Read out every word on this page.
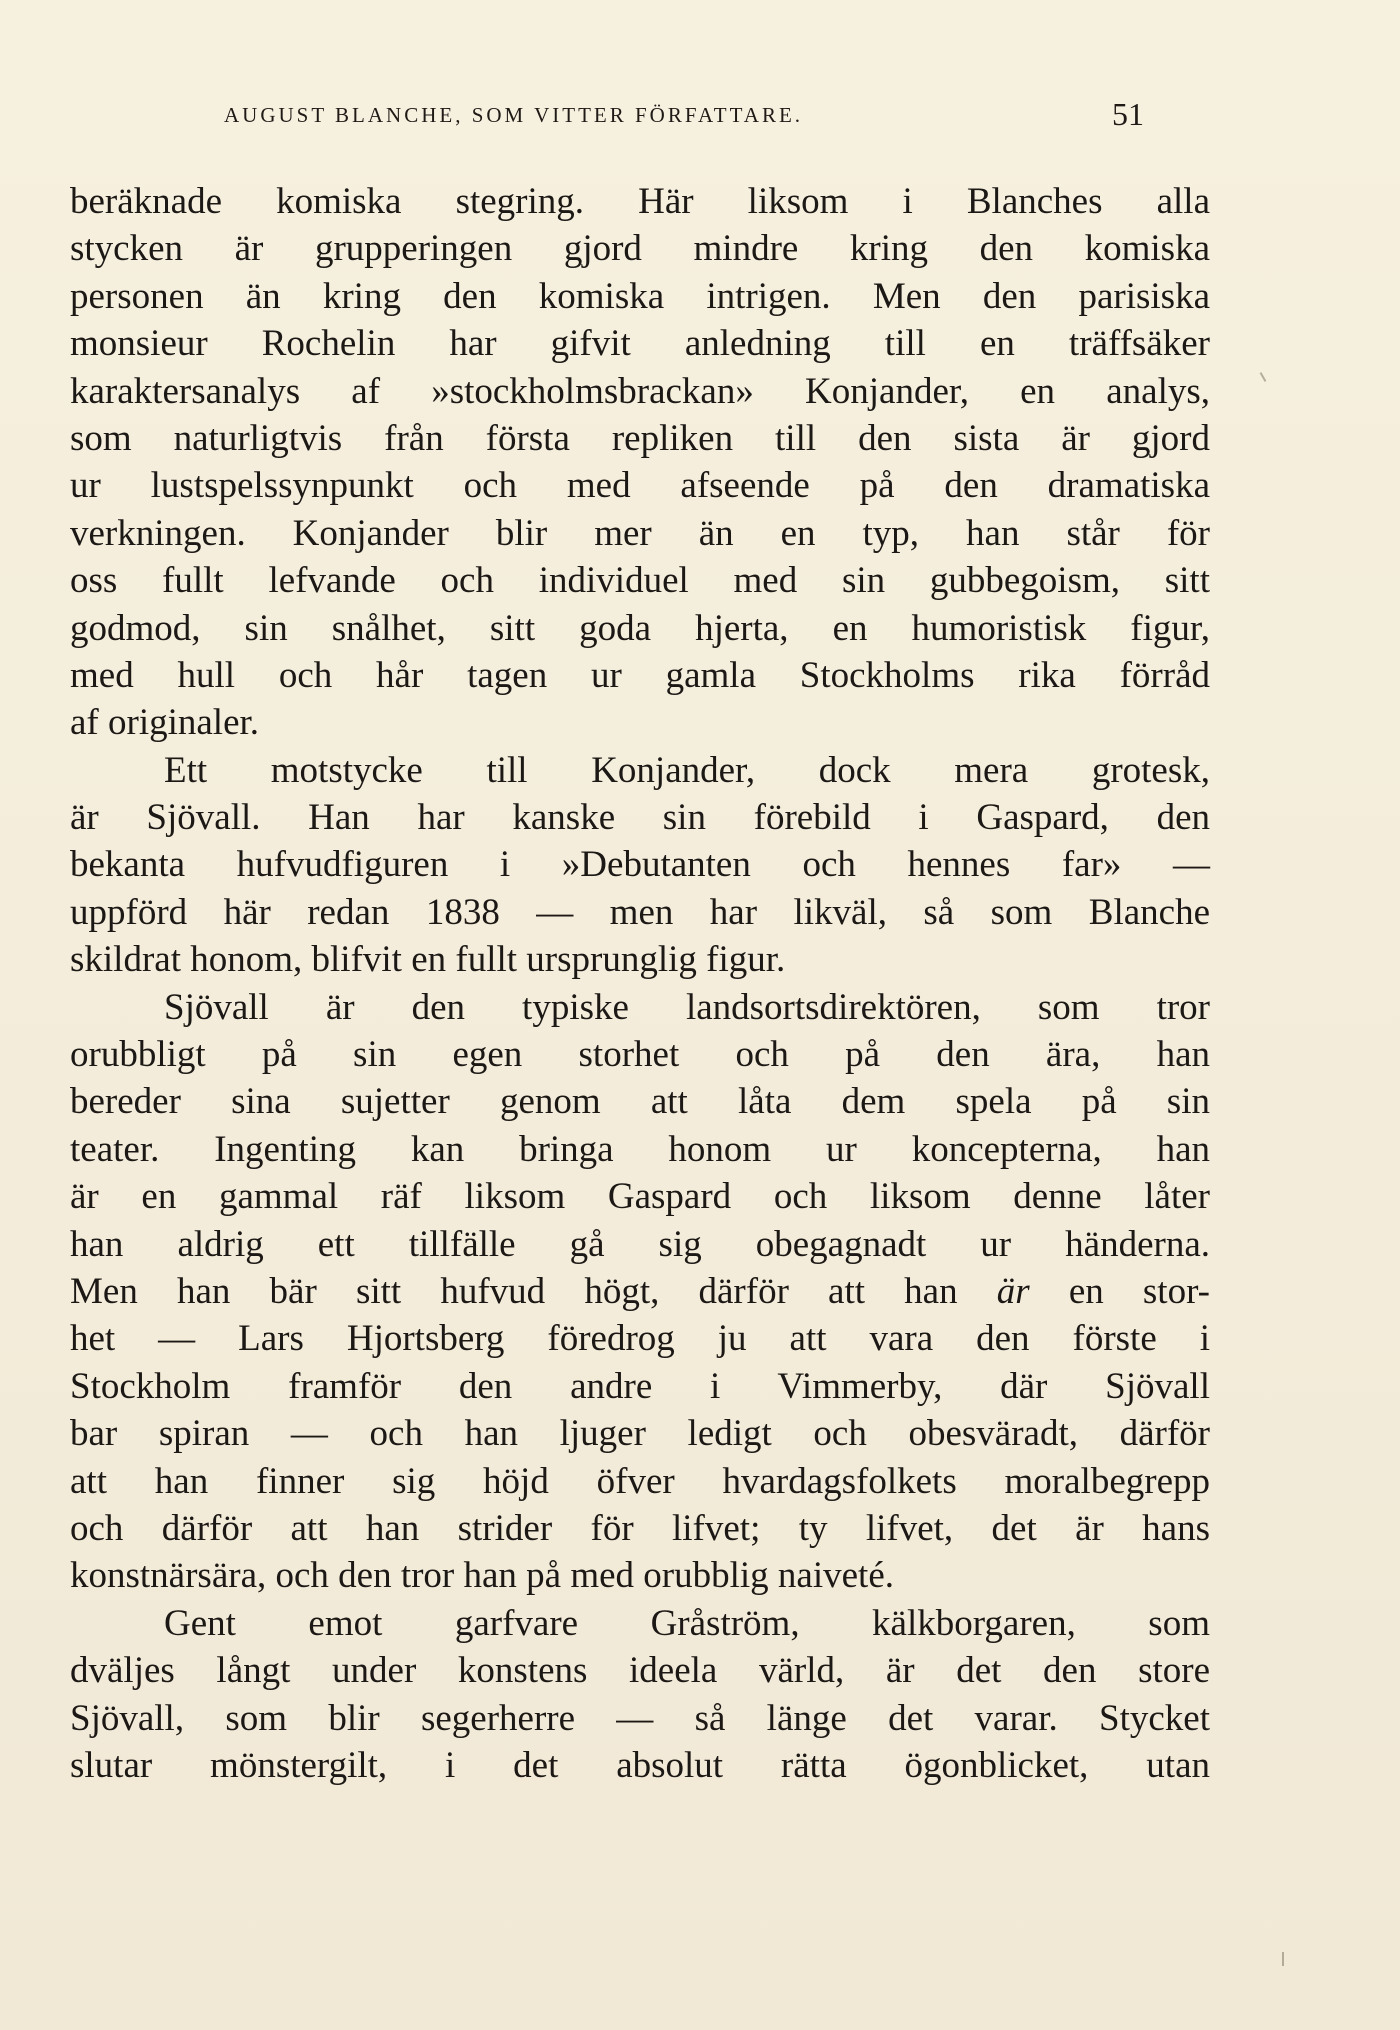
AUGUST BLANCHE, SOM VITTER FÖRFATTARE.	51
beräknade komiska stegring. Här liksom i Blanches alla
stycken är grupperingen gjord mindre kring den komiska
personen än kring den komiska intrigen. Men den parisiska
monsieur Rochelin har gifvit anledning till en träffsäker
karaktersanalys af »stockholmsbrackan» Konjander, en analys,
som naturligtvis från första repliken till den sista är gjord
ur lustspelssynpunkt och med afseende på den dramatiska
verkningen. Konjander blir mer än en typ, han står för
oss fullt lefvande och individuel med sin gubbegoism, sitt
godmod, sin snålhet, sitt goda hjerta, en humoristisk figur,
med hull och hår tagen ur gamla Stockholms rika förråd
af originaler.
Ett motstycke till Konjander, dock mera grotesk,
är Sjövall. Han har kanske sin förebild i Gaspard, den
bekanta hufvudfiguren i »Debutanten och hennes far» —
uppförd här redan 1838 — men har likväl, så som Blanche
skildrat honom, blifvit en fullt ursprunglig figur.
Sjövall är den typiske landsortsdirektören, som tror
orubbligt på sin egen storhet och på den ära, han
bereder sina sujetter genom att låta dem spela på sin
teater. Ingenting kan bringa honom ur koncepterna, han
är en gammal räf liksom Gaspard och liksom denne låter
han aldrig ett tillfälle gå sig obegagnadt ur händerna.
Men han bär sitt hufvud högt, därför att han är en stor-
het — Lars Hjortsberg föredrog ju att vara den förste i
Stockholm framför den andre i Vimmerby, där Sjövall
bar spiran — och han ljuger ledigt och obesväradt, därför
att han finner sig höjd öfver hvardagsfolkets moralbegrepp
och därför att han strider för lifvet; ty lifvet, det är hans
konstnärsära, och den tror han på med orubblig naiveté.
Gent emot garfvare Gråström, kälkborgaren, som
dväljes långt under konstens ideela värld, är det den store
Sjövall, som blir segerherre — så länge det varar. Stycket
slutar mönstergilt, i det absolut rätta ögonblicket, utan
